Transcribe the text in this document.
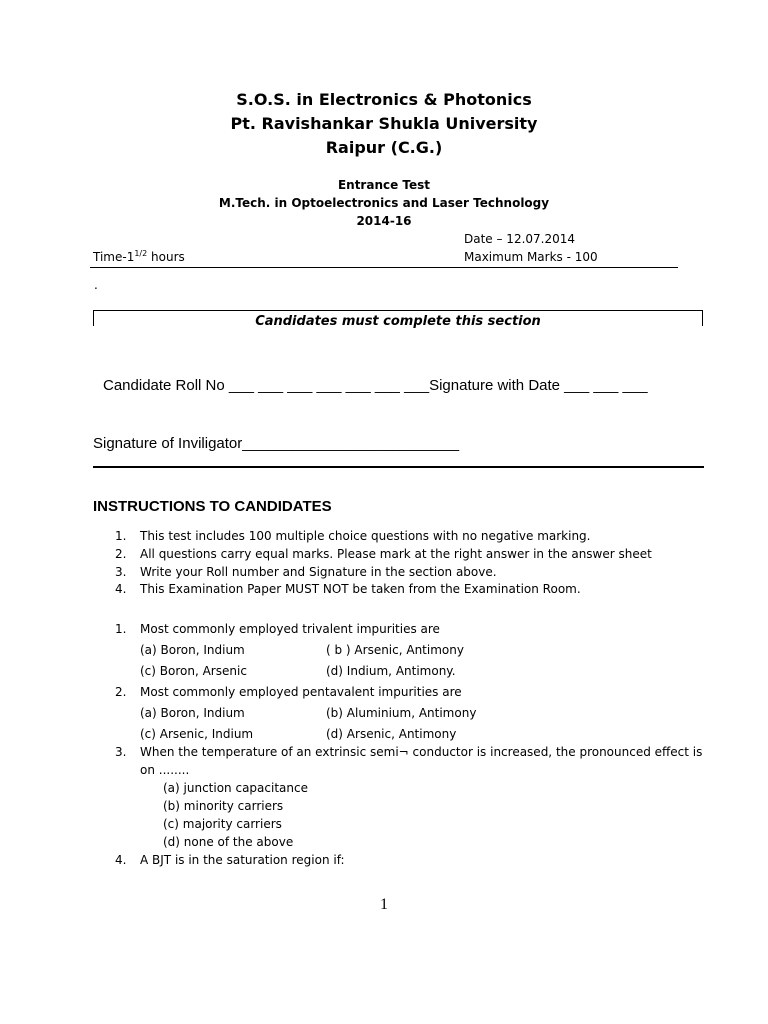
S.O.S. in Electronics & Photonics
Pt. Ravishankar Shukla University
Raipur (C.G.)
Entrance Test
M.Tech. in Optoelectronics and Laser Technology
2014-16
Date – 12.07.2014
Time-$1^{1/2}$ hours	Maximum Marks - 100
.
Candidates must complete this section
Candidate Roll No ___ ___ ___ ___ ___ ___ ___Signature with Date ___ ___ ___
Signature of Inviligator__________________________
INSTRUCTIONS TO CANDIDATES
1. This test includes 100 multiple choice questions with no negative marking.
2. All questions carry equal marks. Please mark at the right answer in the answer sheet
3. Write your Roll number and Signature in the section above.
4. This Examination Paper MUST NOT be taken from the Examination Room.
1. Most commonly employed trivalent impurities are
(a) Boron, Indium	( b ) Arsenic, Antimony
(c) Boron, Arsenic	(d) Indium, Antimony.
2. Most commonly employed pentavalent impurities are
(a) Boron, Indium	(b) Aluminium, Antimony
(c) Arsenic, Indium	(d) Arsenic, Antimony
3. When the temperature of an extrinsic semi¬ conductor is increased, the pronounced effect is
on ........
(a) junction capacitance
(b) minority carriers
(c) majority carriers
(d) none of the above
4. A BJT is in the saturation region if:
1
